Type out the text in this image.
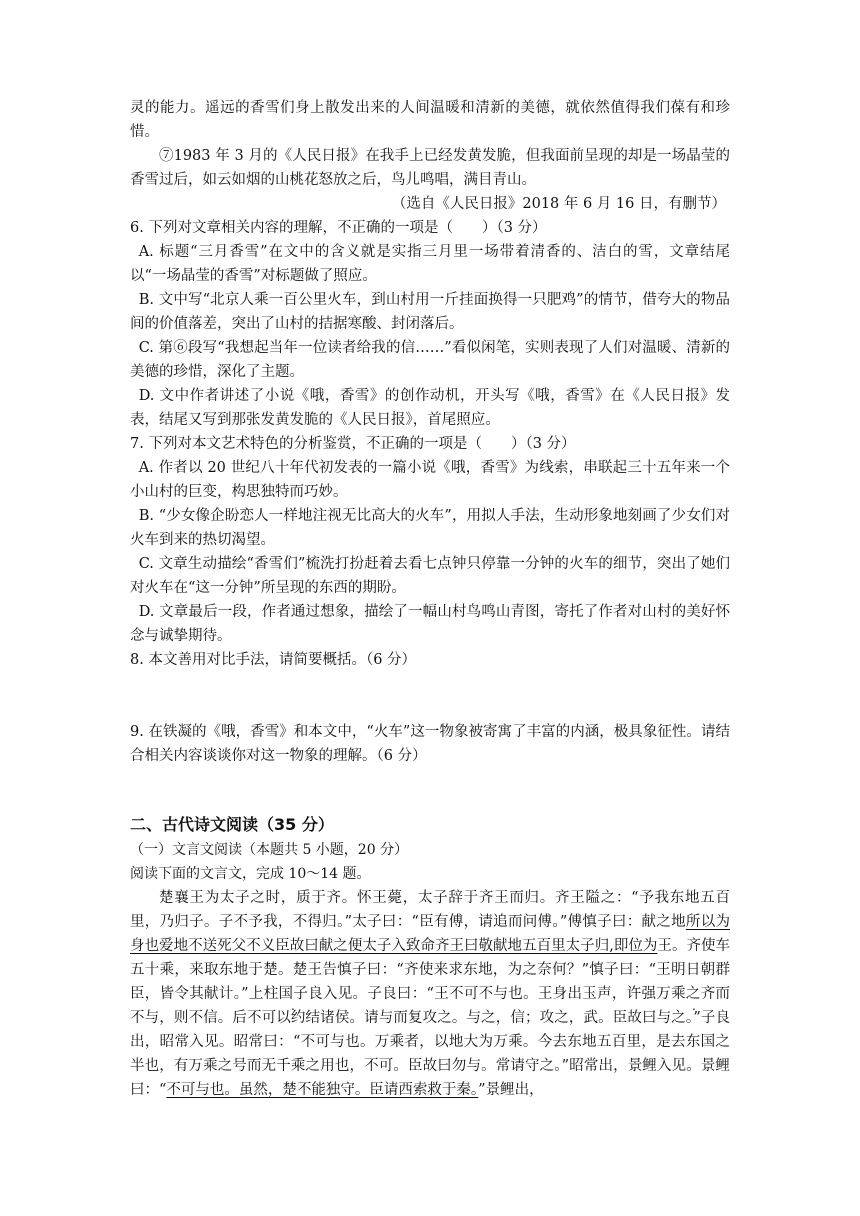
灵的能力。遥远的香雪们身上散发出来的人间温暖和清新的美德，就依然值得我们葆有和珍惜。

⑦1983 年 3 月的《人民日报》在我手上已经发黄发脆，但我面前呈现的却是一场晶莹的香雪过后，如云如烟的山桃花怒放之后，鸟儿鸣唱，满目青山。

（选自《人民日报》2018 年 6 月 16 日，有删节）

6. 下列对文章相关内容的理解，不正确的一项是（　　）（3 分）

A. 标题“三月香雪”在文中的含义就是实指三月里一场带着清香的、洁白的雪，文章结尾以“一场晶莹的香雪”对标题做了照应。

B. 文中写“北京人乘一百公里火车，到山村用一斤挂面换得一只肥鸡”的情节，借夸大的物品间的价值落差，突出了山村的拮据寒酸、封闭落后。

C. 第⑥段写“我想起当年一位读者给我的信……”看似闲笔，实则表现了人们对温暖、清新的美德的珍惜，深化了主题。

D. 文中作者讲述了小说《哦，香雪》的创作动机，开头写《哦，香雪》在《人民日报》发表，结尾又写到那张发黄发脆的《人民日报》，首尾照应。

7. 下列对本文艺术特色的分析鉴赏，不正确的一项是（　　）（3 分）

A. 作者以 20 世纪八十年代初发表的一篇小说《哦，香雪》为线索，串联起三十五年来一个小山村的巨变，构思独特而巧妙。

B. “少女像企盼恋人一样地注视无比高大的火车”，用拟人手法，生动形象地刻画了少女们对火车到来的热切渴望。

C. 文章生动描绘“香雪们”梳洗打扮赶着去看七点钟只停靠一分钟的火车的细节，突出了她们对火车在“这一分钟”所呈现的东西的期盼。

D. 文章最后一段，作者通过想象，描绘了一幅山村鸟鸣山青图，寄托了作者对山村的美好怀念与诚挚期待。

8. 本文善用对比手法，请简要概括。（6 分）

9. 在铁凝的《哦，香雪》和本文中，“火车”这一物象被寄寓了丰富的内涵，极具象征性。请结合相关内容谈谈你对这一物象的理解。（6 分）

二、古代诗文阅读（35 分）

（一）文言文阅读（本题共 5 小题，20 分）

阅读下面的文言文，完成 10～14 题。

楚襄王为太子之时，质于齐。怀王薨，太子辞于齐王而归。齐王隘之：“予我东地五百里，乃归子。子不予我，不得归。”太子曰：“臣有傅，请追而问傅。”傅慎子曰：献之地所以为身也爱地不送死父不义臣故曰献之便太子入致命齐王曰敬献地五百里太子归,即位为王。齐使车五十乘，来取东地于楚。楚王告慎子曰：“齐使来求东地，为之奈何？”慎子曰：“王明日朝群臣，皆令其献计。”上柱国子良入见。子良曰：“王不可不与也。王身出玉声，许强万 .乘之齐而不与，则不信。后不可以约结诸侯。请与而复攻之。与之，信；攻之，武。臣故曰与之。”子良出，昭常入见。昭常曰：“不可与也。万乘者，以地大为万乘。今去东地五百里，是去东国之半也，有万乘之号而无千乘之用也，不可。臣故曰勿与。常请守之。”昭常出，景鲤入见。景鲤曰：“不可与也。虽然，楚不能独守。臣请西索救于秦。”景鲤出，
